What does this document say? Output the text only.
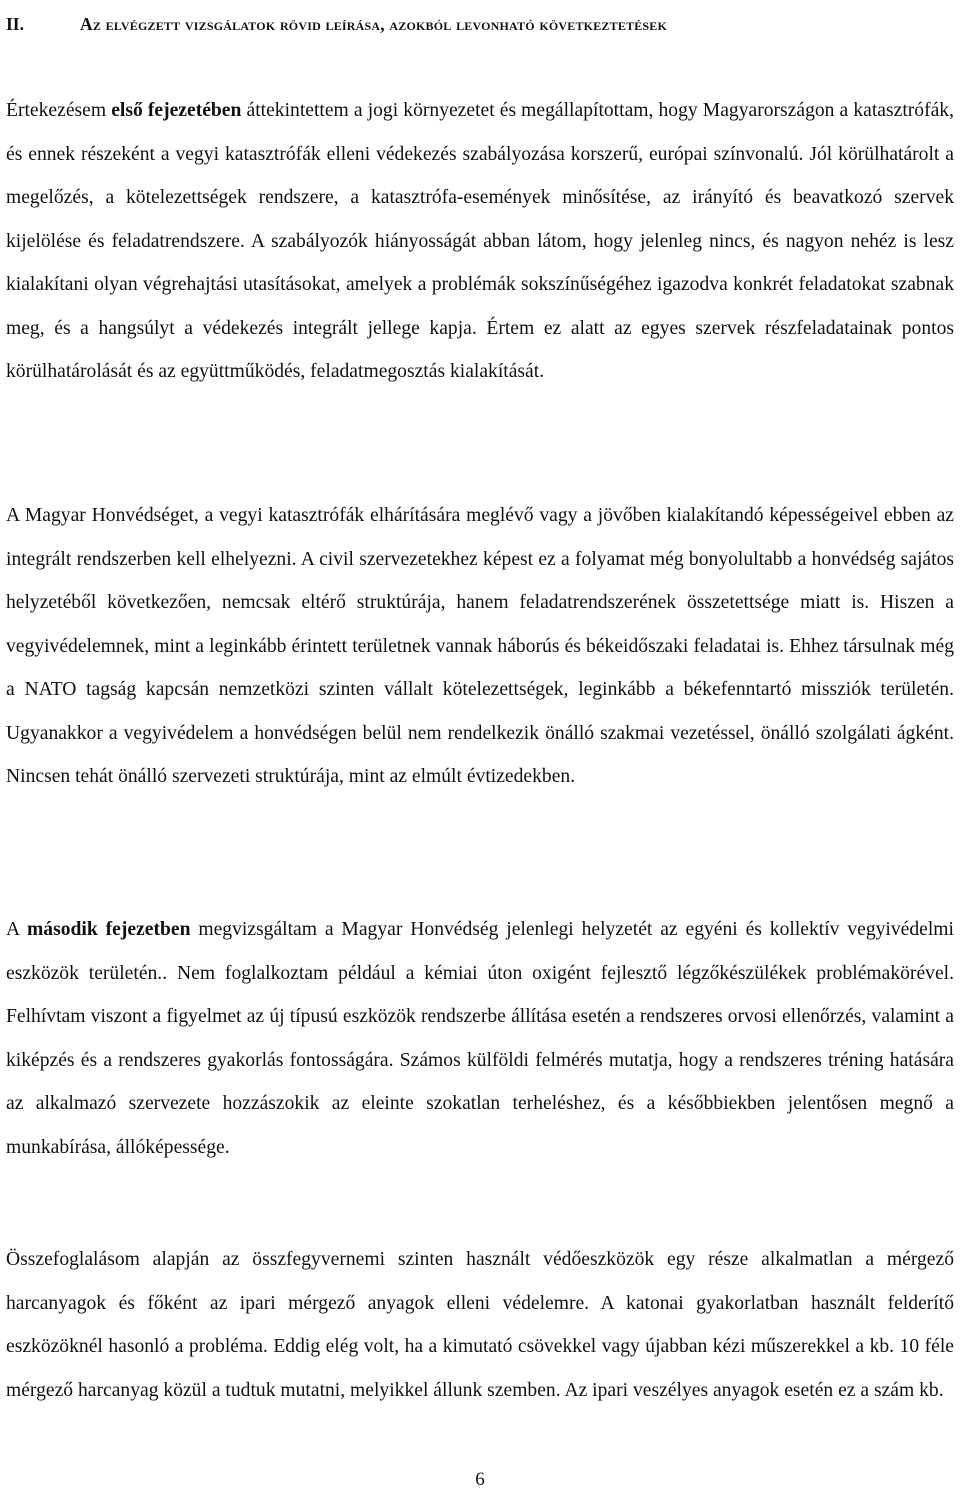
II.	Az elvégzett vizsgálatok rövid leírása, azokból levonható következtetések

Értekezésem első fejezetében áttekintettem a jogi környezetet és megállapítottam, hogy Magyarországon a katasztrófák, és ennek részeként a vegyi katasztrófák elleni védekezés szabályozása korszerű, európai színvonalú. Jól körülhatárolt a megelőzés, a kötelezettségek rendszere, a katasztrófa-események minősítése, az irányító és beavatkozó szervek kijelölése és feladatrendszere. A szabályozók hiányosságát abban látom, hogy jelenleg nincs, és nagyon nehéz is lesz kialakítani olyan végrehajtási utasításokat, amelyek a problémák sokszínűségéhez igazodva konkrét feladatokat szabnak meg, és a hangsúlyt a védekezés integrált jellege kapja. Értem ez alatt az egyes szervek részfeladatainak pontos körülhatárolását és az együttműködés, feladatmegosztás kialakítását.

A Magyar Honvédséget, a vegyi katasztrófák elhárítására meglévő vagy a jövőben kialakítandó képességeivel ebben az integrált rendszerben kell elhelyezni. A civil szervezetekhez képest ez a folyamat még bonyolultabb a honvédség sajátos helyzetéből következően, nemcsak eltérő struktúrája, hanem feladatrendszerének összetettsége miatt is. Hiszen a vegyivédelemnek, mint a leginkább érintett területnek vannak háborús és békeidőszaki feladatai is. Ehhez társulnak még a NATO tagság kapcsán nemzetközi szinten vállalt kötelezettségek, leginkább a békefenntartó missziók területén. Ugyanakkor a vegyivédelem a honvédségen belül nem rendelkezik önálló szakmai vezetéssel, önálló szolgálati ágként. Nincsen tehát önálló szervezeti struktúrája, mint az elmúlt évtizedekben.

A második fejezetben megvizsgáltam a Magyar Honvédség jelenlegi helyzetét az egyéni és kollektív vegyivédelmi eszközök területén.. Nem foglalkoztam például a kémiai úton oxigént fejlesztő légzőkészülékek problémakörével. Felhívtam viszont a figyelmet az új típusú eszközök rendszerbe állítása esetén a rendszeres orvosi ellenőrzés, valamint a kiképzés és a rendszeres gyakorlás fontosságára. Számos külföldi felmérés mutatja, hogy a rendszeres tréning hatására az alkalmazó szervezete hozzászokik az eleinte szokatlan terheléshez, és a későbbiekben jelentősen megnő a munkabírása, állóképessége.

Összefoglalásom alapján az összfegyvernemi szinten használt védőeszközök egy része alkalmatlan a mérgező harcanyagok és főként az ipari mérgező anyagok elleni védelemre. A katonai gyakorlatban használt felderítő eszközöknél hasonló a probléma. Eddig elég volt, ha a kimutató csövekkel vagy újabban kézi műszerekkel a kb. 10 féle mérgező harcanyag közül a tudtuk mutatni, melyikkel állunk szemben. Az ipari veszélyes anyagok esetén ez a szám kb.

6
